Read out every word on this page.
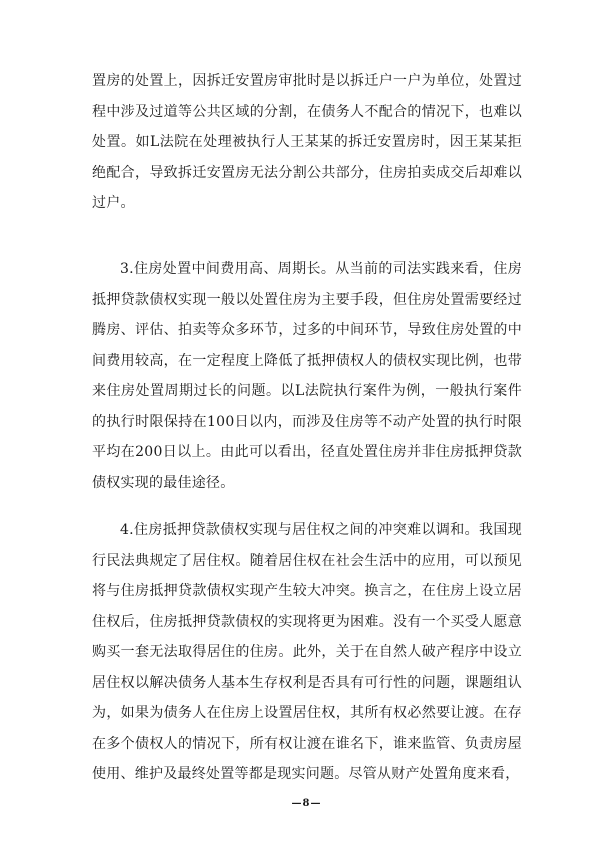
置房的处置上，因拆迁安置房审批时是以拆迁户一户为单位，处置过程中涉及过道等公共区域的分割，在债务人不配合的情况下，也难以处置。如L法院在处理被执行人王某某的拆迁安置房时，因王某某拒绝配合，导致拆迁安置房无法分割公共部分，住房拍卖成交后却难以过户。

3.住房处置中间费用高、周期长。从当前的司法实践来看，住房抵押贷款债权实现一般以处置住房为主要手段，但住房处置需要经过腾房、评估、拍卖等众多环节，过多的中间环节，导致住房处置的中间费用较高，在一定程度上降低了抵押债权人的债权实现比例，也带来住房处置周期过长的问题。以L法院执行案件为例，一般执行案件的执行时限保持在100日以内，而涉及住房等不动产处置的执行时限平均在200日以上。由此可以看出，径直处置住房并非住房抵押贷款债权实现的最佳途径。

4.住房抵押贷款债权实现与居住权之间的冲突难以调和。我国现行民法典规定了居住权。随着居住权在社会生活中的应用，可以预见将与住房抵押贷款债权实现产生较大冲突。换言之，在住房上设立居住权后，住房抵押贷款债权的实现将更为困难。没有一个买受人愿意购买一套无法取得居住的住房。此外，关于在自然人破产程序中设立居住权以解决债务人基本生存权利是否具有可行性的问题，课题组认为，如果为债务人在住房上设置居住权，其所有权必然要让渡。在存在多个债权人的情况下，所有权让渡在谁名下，谁来监管、负责房屋使用、维护及最终处置等都是现实问题。尽管从财产处置角度来看，

—8—
